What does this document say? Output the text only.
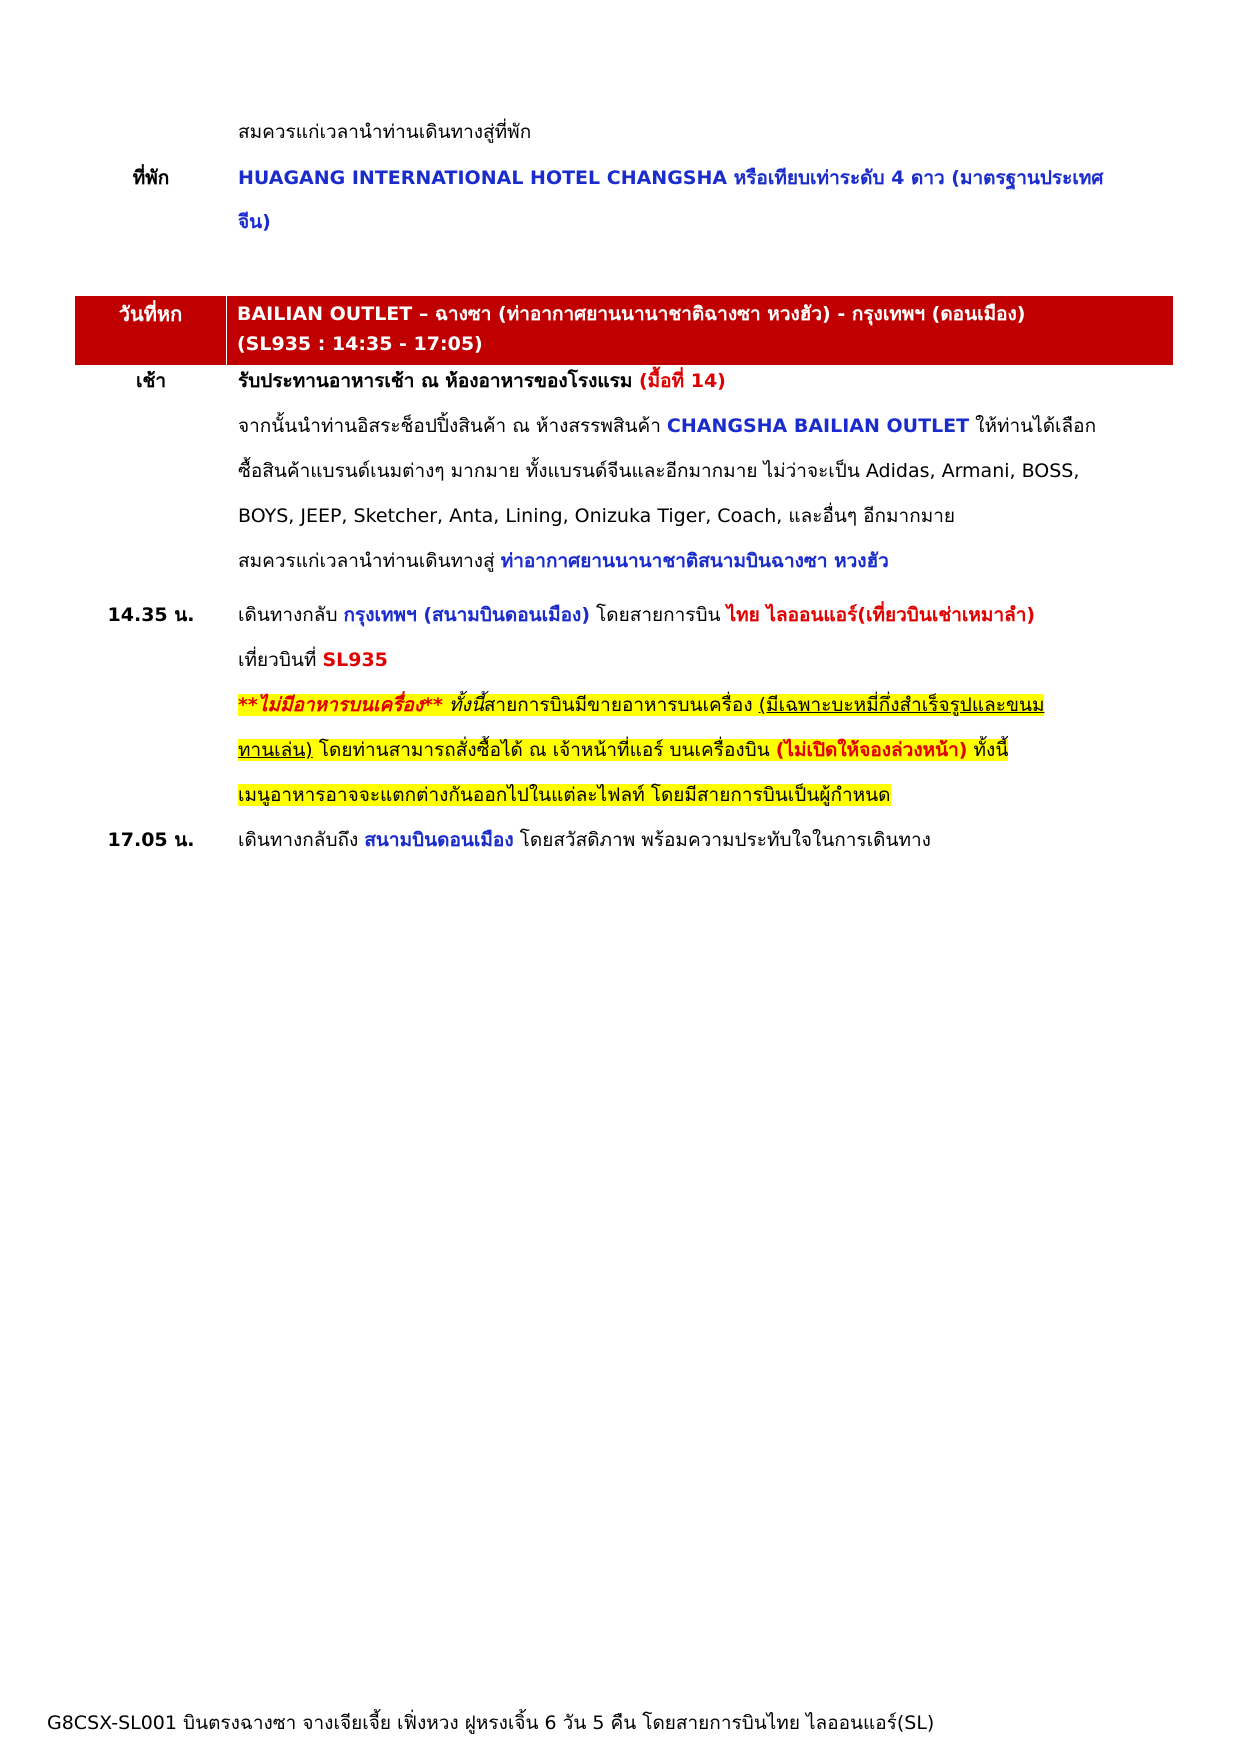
สมควรแก่เวลานำท่านเดินทางสู่ที่พัก
ที่พัก	HUAGANG INTERNATIONAL HOTEL CHANGSHA หรือเทียบเท่าระดับ 4 ดาว (มาตรฐานประเทศ
จีน)
วันที่หก	BAILIAN OUTLET – ฉางซา (ท่าอากาศยานนานาชาติฉางซา หวงฮัว) - กรุงเทพฯ (ดอนเมือง)
(SL935 : 14:35 - 17:05)
เช้า	รับประทานอาหารเช้า ณ ห้องอาหารของโรงแรม (มื้อที่ 14)
จากนั้นนำท่านอิสระช็อปปิ้งสินค้า ณ ห้างสรรพสินค้า CHANGSHA BAILIAN OUTLET ให้ท่านได้เลือก
ซื้อสินค้าแบรนด์เนมต่างๆ มากมาย ทั้งแบรนด์จีนและอีกมากมาย ไม่ว่าจะเป็น Adidas, Armani, BOSS,
BOYS, JEEP, Sketcher, Anta, Lining, Onizuka Tiger, Coach, และอื่นๆ อีกมากมาย
สมควรแก่เวลานำท่านเดินทางสู่ ท่าอากาศยานนานาชาติสนามบินฉางซา หวงฮัว
14.35 น.	เดินทางกลับ กรุงเทพฯ (สนามบินดอนเมือง) โดยสายการบิน ไทย ไลออนแอร์(เที่ยวบินเช่าเหมาลำ)
เที่ยวบินที่ SL935
**ไม่มีอาหารบนเครื่อง** ทั้งนี้สายการบินมีขายอาหารบนเครื่อง (มีเฉพาะบะหมี่กึ่งสำเร็จรูปและขนม
ทานเล่น) โดยท่านสามารถสั่งซื้อได้ ณ เจ้าหน้าที่แอร์ บนเครื่องบิน (ไม่เปิดให้จองล่วงหน้า) ทั้งนี้
เมนูอาหารอาจจะแตกต่างกันออกไปในแต่ละไฟลท์ โดยมีสายการบินเป็นผู้กำหนด
17.05 น.	เดินทางกลับถึง สนามบินดอนเมือง โดยสวัสดิภาพ พร้อมความประทับใจในการเดินทาง
G8CSX-SL001 บินตรงฉางซา จางเจียเจี้ย เฟิ่งหวง ฝูหรงเจิ้น 6 วัน 5 คืน โดยสายการบินไทย ไลออนแอร์(SL)
